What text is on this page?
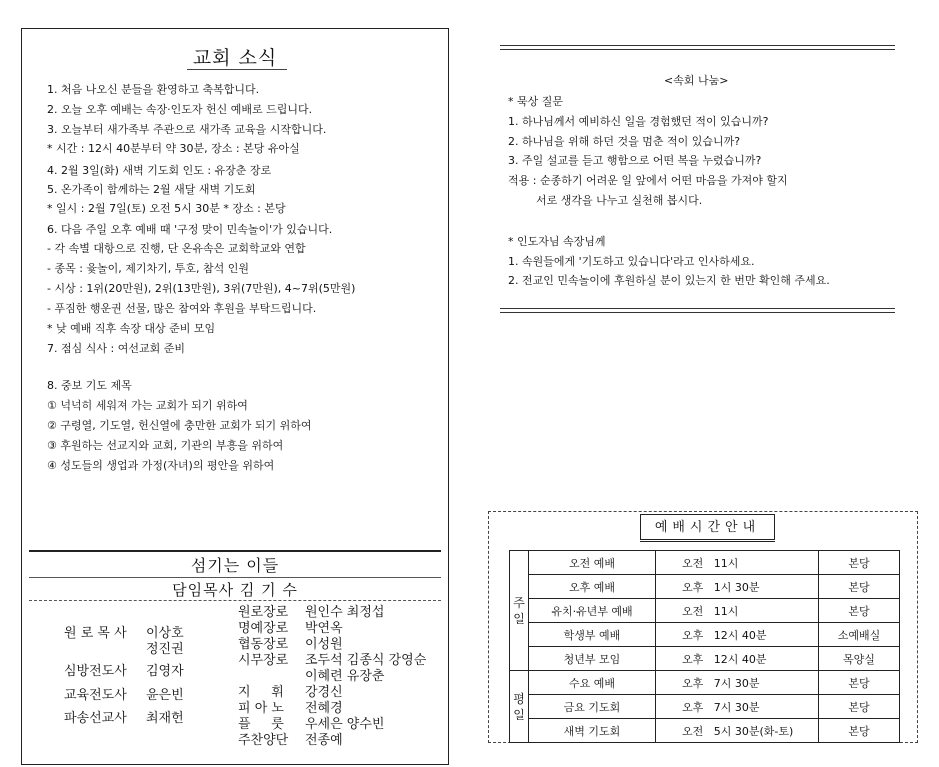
교회 소식
1. 처음 나오신 분들을 환영하고 축복합니다.
2. 오늘 오후 예배는 속장·인도자 헌신 예배로 드립니다.
3. 오늘부터 새가족부 주관으로 새가족 교육을 시작합니다.
* 시간 : 12시 40분부터 약 30분, 장소 : 본당 유아실
4. 2월 3일(화) 새벽 기도회 인도 : 유장춘 장로
5. 온가족이 함께하는 2월 새달 새벽 기도회
* 일시 : 2월 7일(토) 오전 5시 30분 * 장소 : 본당
6. 다음 주일 오후 예배 때 '구정 맞이 민속놀이'가 있습니다.
- 각 속별 대항으로 진행, 단 온유속은 교회학교와 연합
- 종목 : 윷놀이, 제기차기, 투호, 참석 인원
- 시상 : 1위(20만원), 2위(13만원), 3위(7만원), 4~7위(5만원)
- 푸짐한 행운권 선물, 많은 참여와 후원을 부탁드립니다.
* 낮 예배 직후 속장 대상 준비 모임
7. 점심 식사 : 여선교회 준비
8. 중보 기도 제목
① 넉넉히 세워져 가는 교회가 되기 위하여
② 구령열, 기도열, 헌신열에 충만한 교회가 되기 위하여
③ 후원하는 선교지와 교회, 기관의 부흥을 위하여
④ 성도들의 생업과 가정(자녀)의 평안을 위하여
섬기는 이들
담임목사 김 기 수
원 로 목 사 이상호
정진권
심방전도사 김영자
교육전도사 윤은빈
파송선교사 최재헌
원로장로 원인수 최정섭
명예장로 박연옥
협동장로 이성원
시무장로 조두석 김종식 강영순
이혜련 유장춘
지     휘 강경신
피 아 노 전혜경
플     룻 우세은 양수빈
주찬양단 전종예
<속회 나눔>
* 묵상 질문
1. 하나님께서 예비하신 일을 경험했던 적이 있습니까?
2. 하나님을 위해 하던 것을 멈춘 적이 있습니까?
3. 주일 설교를 듣고 행함으로 어떤 복을 누렸습니까?
적용 : 순종하기 어려운 일 앞에서 어떤 마음을 가져야 할지
서로 생각을 나누고 실천해 봅시다.
* 인도자님 속장님께
1. 속원들에게 '기도하고 있습니다'라고 인사하세요.
2. 전교인 민속놀이에 후원하실 분이 있는지 한 번만 확인해 주세요.
예배시간안내
주
일	오전 예배	오전   11시	본당
	오후 예배	오후   1시 30분	본당
	유치·유년부 예배	오전   11시	본당
	학생부 예배	오후   12시 40분	소예배실
	청년부 모임	오후   12시 40분	목양실
평
일	수요 예배	오후   7시 30분	본당
	금요 기도회	오후   7시 30분	본당
	새벽 기도회	오전   5시 30분(화-토)	본당
